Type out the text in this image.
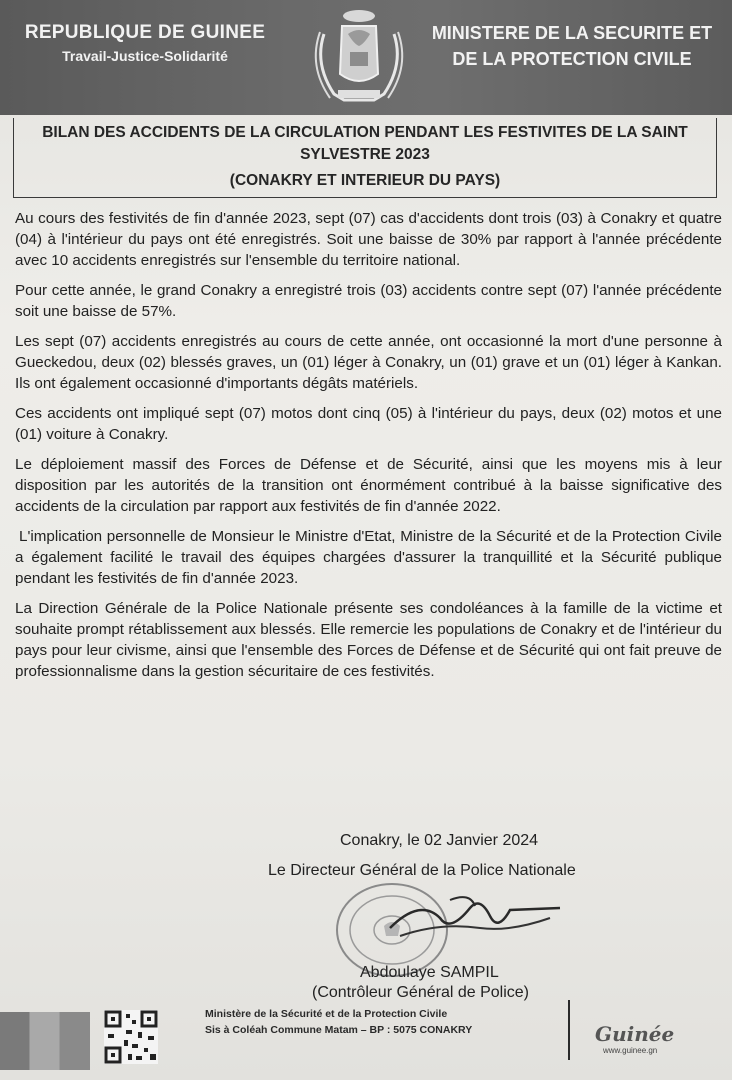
REPUBLIQUE DE GUINEE
Travail-Justice-Solidarité
MINISTERE DE LA SECURITE ET
DE LA PROTECTION CIVILE
BILAN DES ACCIDENTS DE LA CIRCULATION PENDANT LES FESTIVITES DE LA SAINT
SYLVESTRE 2023
(CONAKRY ET INTERIEUR DU PAYS)

Au cours des festivités de fin d'année 2023, sept (07) cas d'accidents dont trois (03) à Conakry et quatre (04) à l'intérieur du pays ont été enregistrés. Soit une baisse de 30% par rapport à l'année précédente avec 10 accidents enregistrés sur l'ensemble du territoire national.

Pour cette année, le grand Conakry a enregistré trois (03) accidents contre sept (07) l'année précédente soit une baisse de 57%.

Les sept (07) accidents enregistrés au cours de cette année, ont occasionné la mort d'une personne à Gueckedou, deux (02) blessés graves, un (01) léger à Conakry, un (01) grave et un (01) léger à Kankan. Ils ont également occasionné d'importants dégâts matériels.

Ces accidents ont impliqué sept (07) motos dont cinq (05) à l'intérieur du pays, deux (02) motos et une (01) voiture à Conakry.

Le déploiement massif des Forces de Défense et de Sécurité, ainsi que les moyens mis à leur disposition par les autorités de la transition ont énormément contribué à la baisse significative des accidents de la circulation par rapport aux festivités de fin d'année 2022.

L'implication personnelle de Monsieur le Ministre d'Etat, Ministre de la Sécurité et de la Protection Civile a également facilité le travail des équipes chargées d'assurer la tranquillité et la Sécurité publique pendant les festivités de fin d'année 2023.

La Direction Générale de la Police Nationale présente ses condoléances à la famille de la victime et souhaite prompt rétablissement aux blessés. Elle remercie les populations de Conakry et de l'intérieur du pays pour leur civisme, ainsi que l'ensemble des Forces de Défense et de Sécurité qui ont fait preuve de professionnalisme dans la gestion sécuritaire de ces festivités.

Conakry, le 02 Janvier 2024
Le Directeur Général de la Police Nationale
Abdoulaye SAMPIL
(Contrôleur Général de Police)
Ministère de la Sécurité et de la Protection Civile
Sis à Coléah Commune Matam – BP : 5075 CONAKRY	Guinée
www.guinee.gn
